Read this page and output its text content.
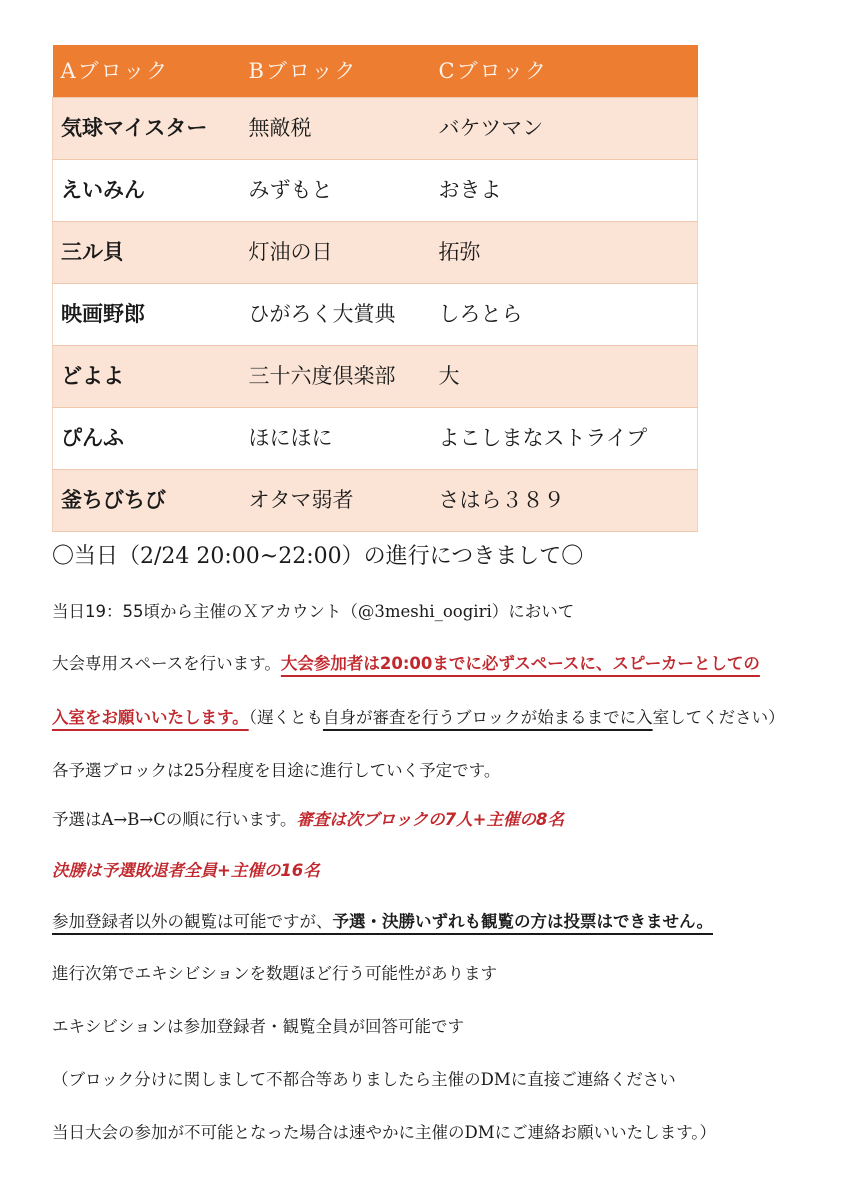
Aブロック	Bブロック	Cブロック
気球マイスター	無敵税	バケツマン
えいみん	みずもと	おきよ
三ル貝	灯油の日	拓弥
映画野郎	ひがろく大賞典	しろとら
どよよ	三十六度倶楽部	大
ぴんふ	ほにほに	よこしまなストライプ
釜ちびちび	オタマ弱者	さはら３８９
〇当日（2/24 20:00~22:00）の進行につきまして〇
当日19：55頃から主催のＸアカウント（@3meshi_oogiri）において
大会専用スペースを行います。大会参加者は20:00までに必ずスペースに、スピーカーとしての
入室をお願いいたします。（遅くとも自身が審査を行うブロックが始まるまでに入室してください）
各予選ブロックは25分程度を目途に進行していく予定です。
予選はA→B→Cの順に行います。審査は次ブロックの7人+主催の8名
決勝は予選敗退者全員+主催の16名
参加登録者以外の観覧は可能ですが、予選・決勝いずれも観覧の方は投票はできません。
進行次第でエキシビションを数題ほど行う可能性があります
エキシビションは参加登録者・観覧全員が回答可能です
（ブロック分けに関しまして不都合等ありましたら主催のDMに直接ご連絡ください
当日大会の参加が不可能となった場合は速やかに主催のDMにご連絡お願いいたします。）
